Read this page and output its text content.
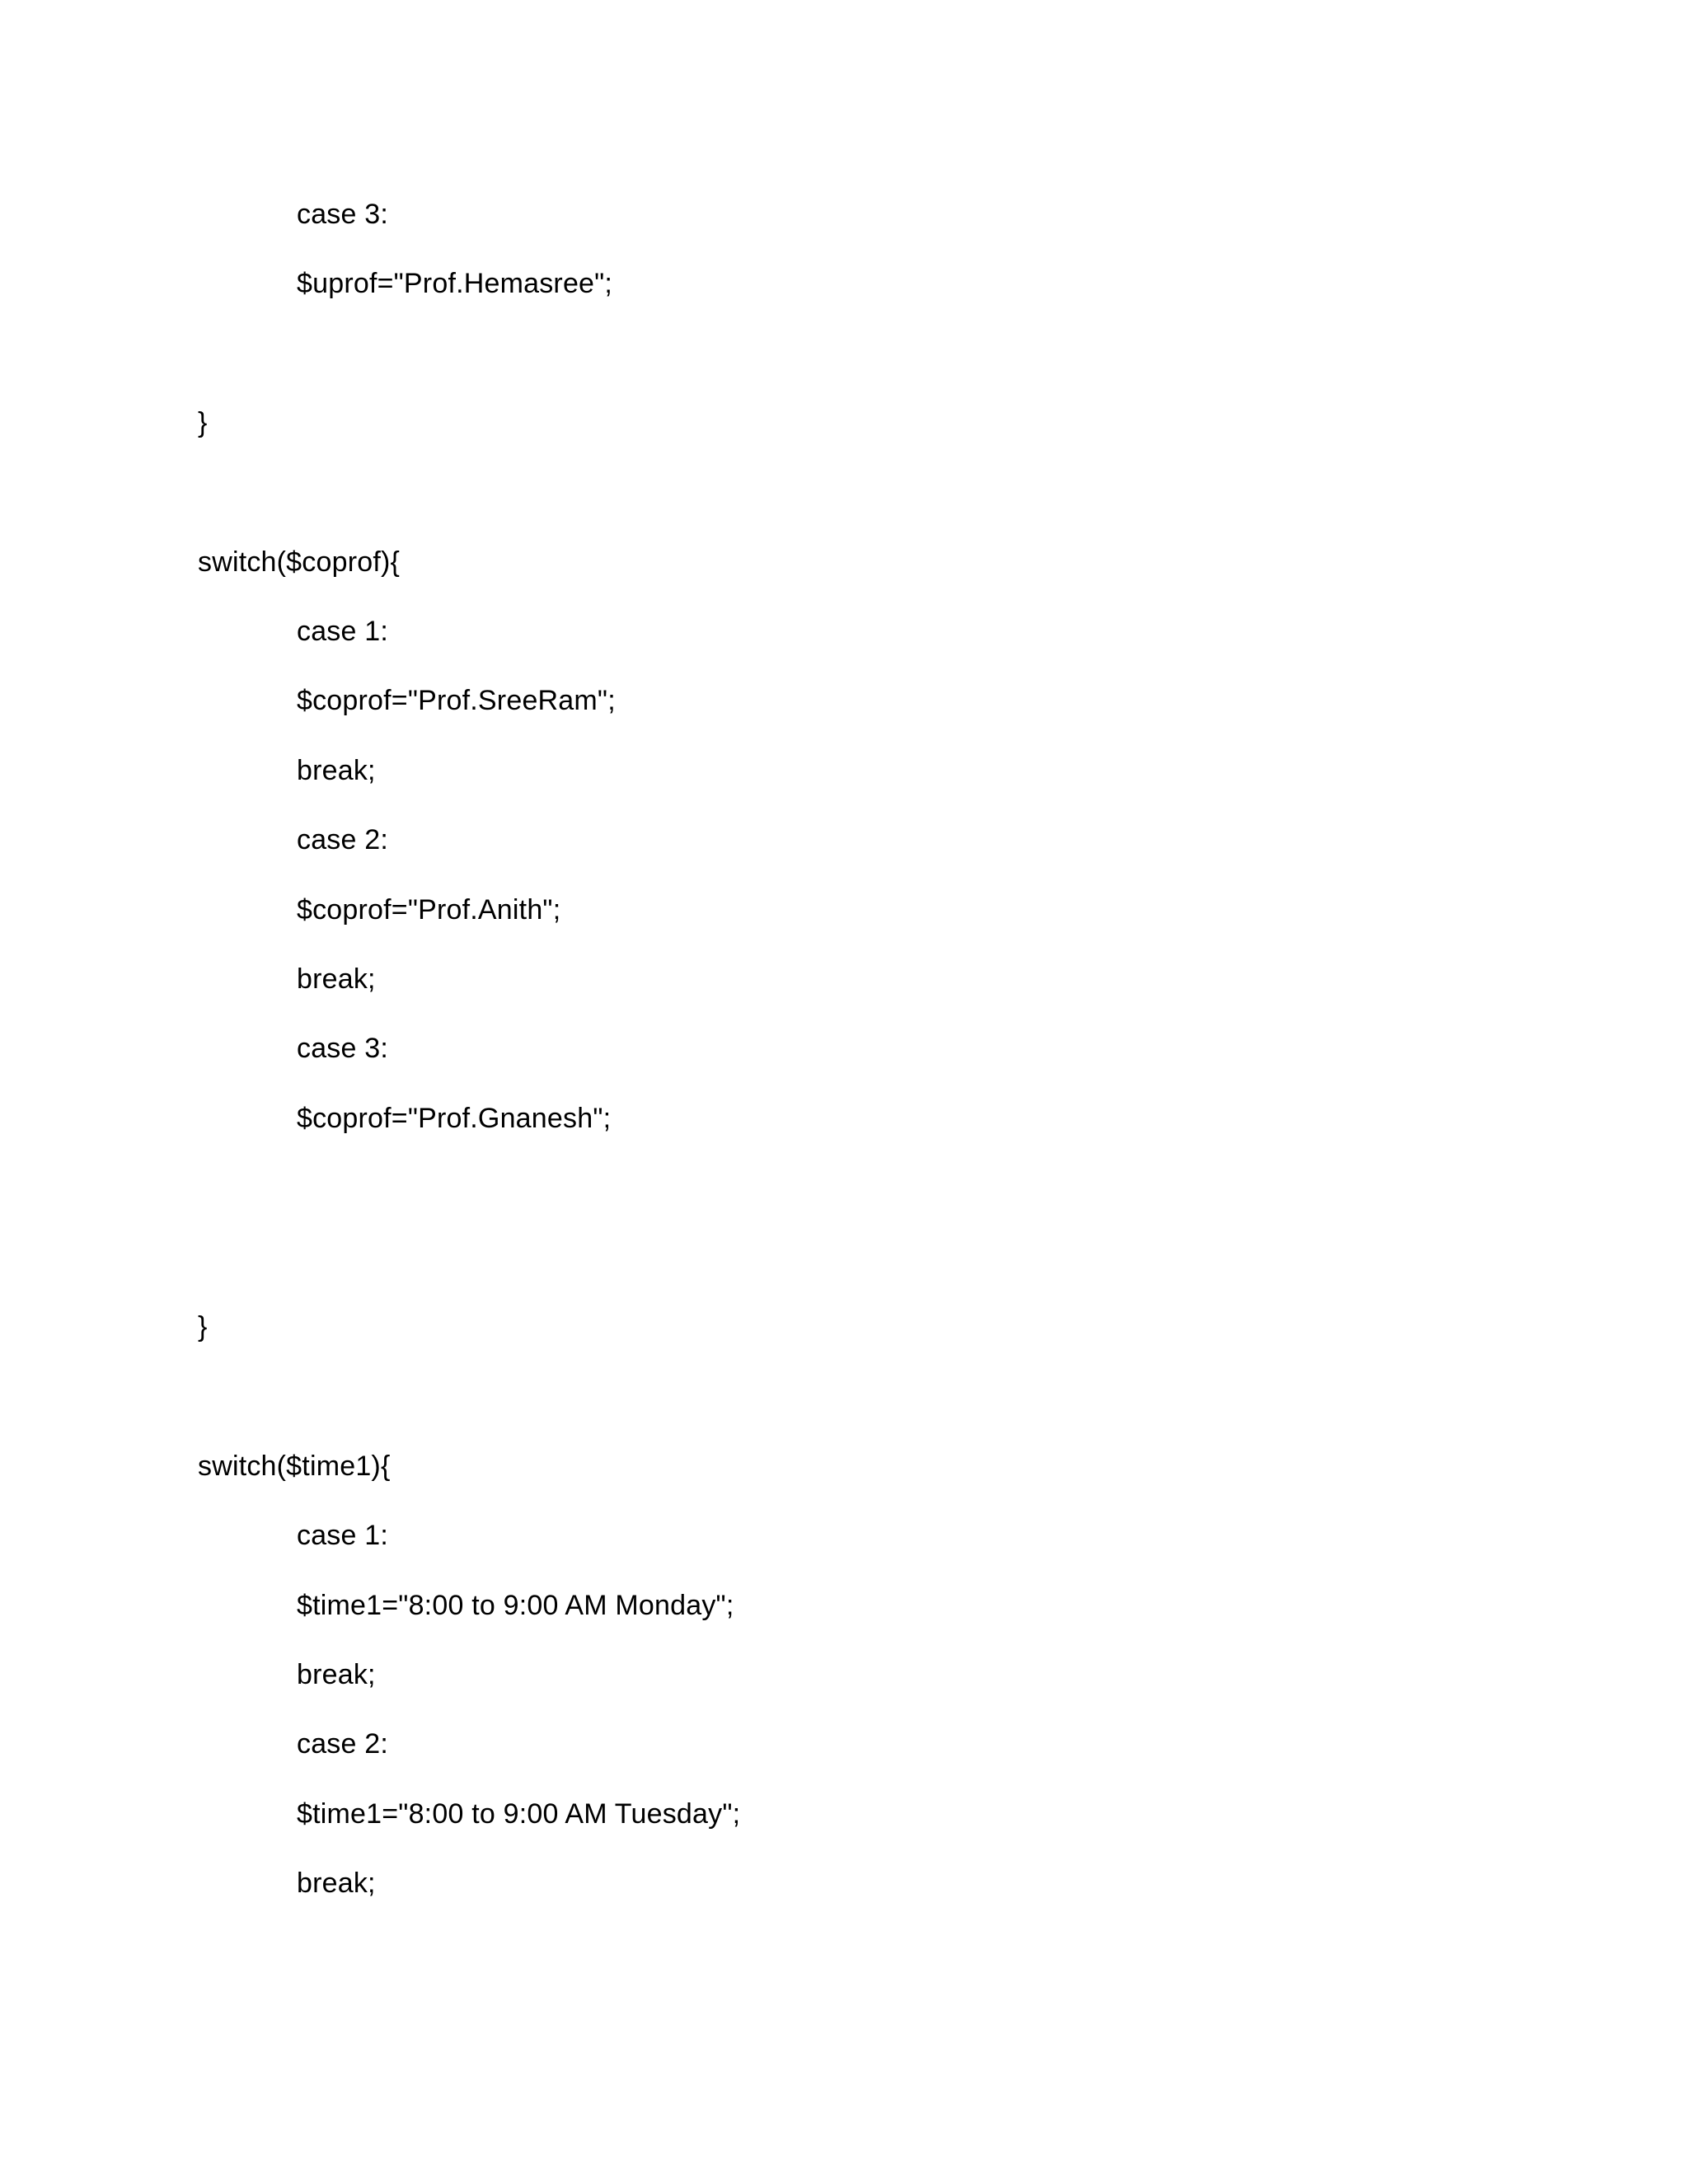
case 3:
$uprof="Prof.Hemasree";
}
switch($coprof){
case 1:
$coprof="Prof.SreeRam";
break;
case 2:
$coprof="Prof.Anith";
break;
case 3:
$coprof="Prof.Gnanesh";
}
switch($time1){
case 1:
$time1="8:00 to 9:00 AM Monday";
break;
case 2:
$time1="8:00 to 9:00 AM Tuesday";
break;
